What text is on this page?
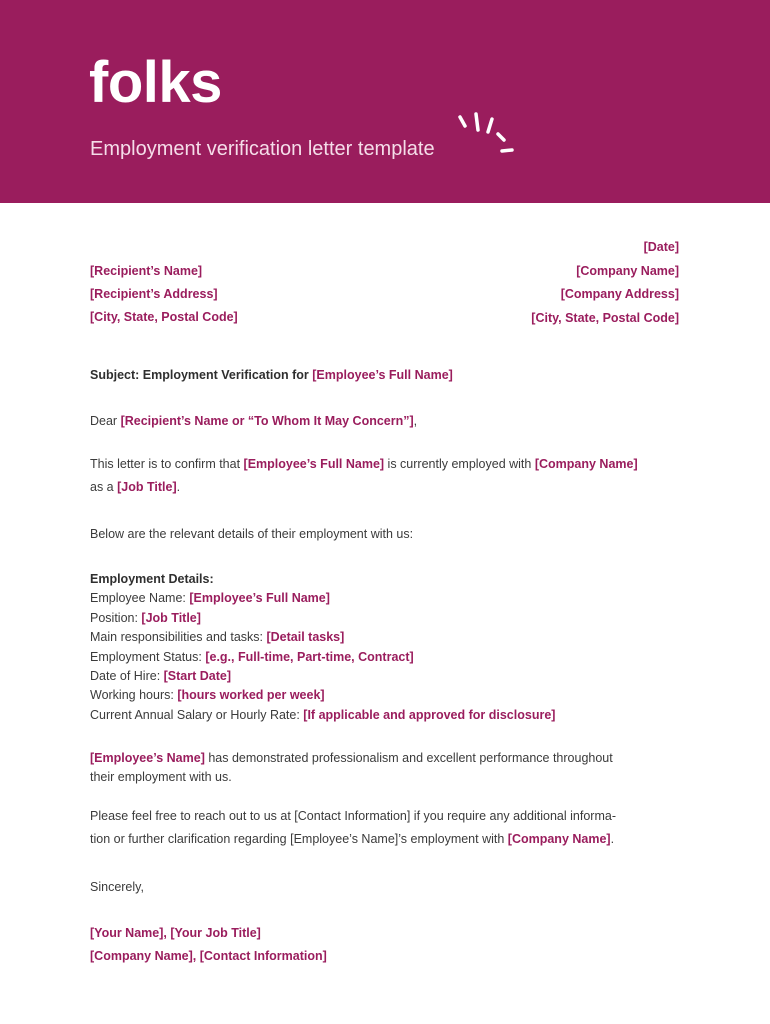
folks
Employment verification letter template
[Date]
[Company Name]
[Company Address]
[City, State, Postal Code]
[Recipient’s Name]
[Recipient’s Address]
[City, State, Postal Code]
Subject: Employment Verification for [Employee’s Full Name]
Dear [Recipient’s Name or “To Whom It May Concern”],
This letter is to confirm that [Employee’s Full Name] is currently employed with [Company Name]
as a [Job Title].
Below are the relevant details of their employment with us:
Employment Details:
Employee Name: [Employee’s Full Name]
Position: [Job Title]
Main responsibilities and tasks: [Detail tasks]
Employment Status: [e.g., Full-time, Part-time, Contract]
Date of Hire: [Start Date]
Working hours: [hours worked per week]
Current Annual Salary or Hourly Rate: [If applicable and approved for disclosure]
[Employee’s Name] has demonstrated professionalism and excellent performance throughout
their employment with us.
Please feel free to reach out to us at [Contact Information] if you require any additional informa-
tion or further clarification regarding [Employee’s Name]’s employment with [Company Name].
Sincerely,
[Your Name], [Your Job Title]
[Company Name], [Contact Information]
